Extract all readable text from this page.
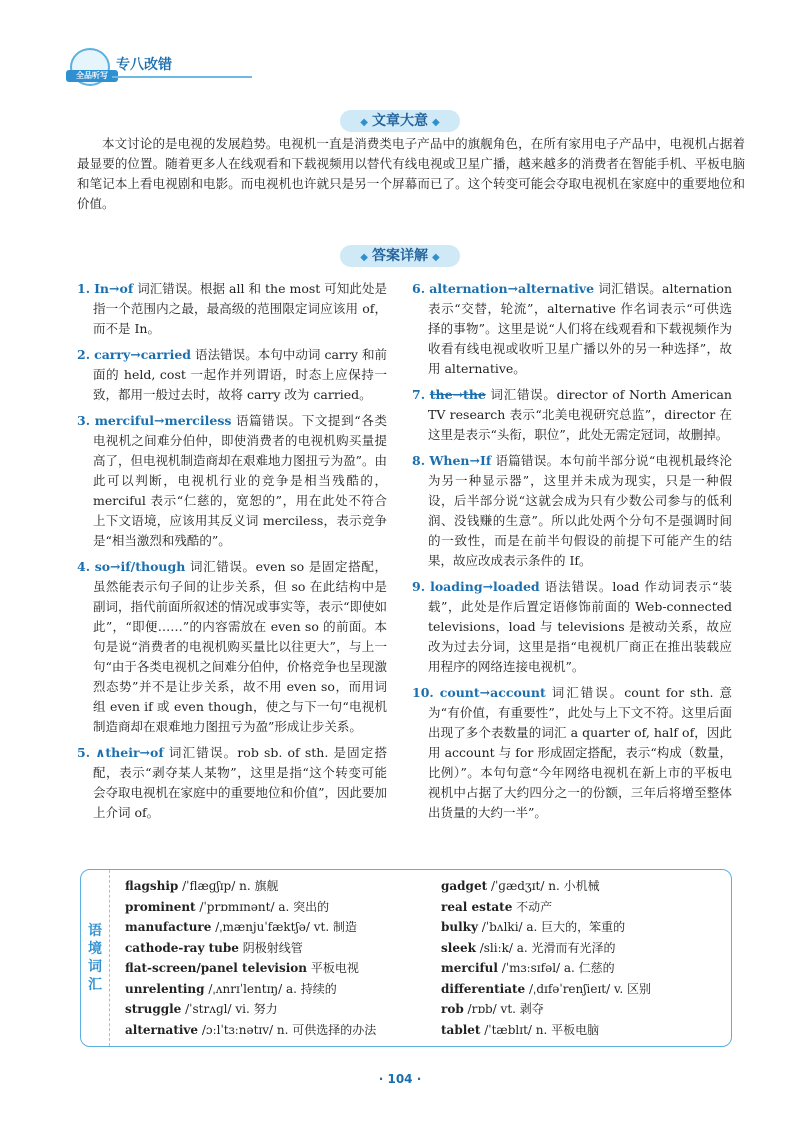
全品听写
专八改错
◆ 文章大意 ◆
本文讨论的是电视的发展趋势。电视机一直是消费类电子产品中的旗舰角色，在所有家用电子产品中，电视机占据着最显要的位置。随着更多人在线观看和下载视频用以替代有线电视或卫星广播，越来越多的消费者在智能手机、平板电脑和笔记本上看电视剧和电影。而电视机也许就只是另一个屏幕而已了。这个转变可能会夺取电视机在家庭中的重要地位和价值。
◆ 答案详解 ◆

1. In→of 词汇错误。根据 all 和 the most 可知此处是指一个范围内之最，最高级的范围限定词应该用 of，而不是 In。

2. carry→carried 语法错误。本句中动词 carry 和前面的 held, cost 一起作并列谓语，时态上应保持一致，都用一般过去时，故将 carry 改为 carried。

3. merciful→merciless 语篇错误。下文提到“各类电视机之间难分伯仲，即使消费者的电视机购买量提高了，但电视机制造商却在艰难地力图扭亏为盈”。由此可以判断，电视机行业的竞争是相当残酷的，merciful 表示“仁慈的，宽恕的”，用在此处不符合上下文语境，应该用其反义词 merciless，表示竞争是“相当激烈和残酷的”。

4. so→if/though 词汇错误。even so 是固定搭配，虽然能表示句子间的让步关系，但 so 在此结构中是副词，指代前面所叙述的情况或事实等，表示“即使如此”，“即便……”的内容需放在 even so 的前面。本句是说“消费者的电视机购买量比以往更大”，与上一句“由于各类电视机之间难分伯仲，价格竞争也呈现激烈态势”并不是让步关系，故不用 even so，而用词组 even if 或 even though，使之与下一句“电视机制造商却在艰难地力图扭亏为盈”形成让步关系。

5. ∧their→of 词汇错误。rob sb. of sth. 是固定搭配，表示“剥夺某人某物”，这里是指“这个转变可能会夺取电视机在家庭中的重要地位和价值”，因此要加上介词 of。

6. alternation→alternative 词汇错误。alternation 表示“交替，轮流”，alternative 作名词表示“可供选择的事物”。这里是说“人们将在线观看和下载视频作为收看有线电视或收听卫星广播以外的另一种选择”，故用 alternative。

7. the→the 词汇错误。director of North American TV research 表示“北美电视研究总监”，director 在这里是表示“头衔，职位”，此处无需定冠词，故删掉。

8. When→If 语篇错误。本句前半部分说“电视机最终沦为另一种显示器”，这里并未成为现实，只是一种假设，后半部分说“这就会成为只有少数公司参与的低利润、没钱赚的生意”。所以此处两个分句不是强调时间的一致性，而是在前半句假设的前提下可能产生的结果，故应改成表示条件的 If。

9. loading→loaded 语法错误。load 作动词表示“装载”，此处是作后置定语修饰前面的 Web-connected televisions，load 与 televisions 是被动关系，故应改为过去分词，这里是指“电视机厂商正在推出装载应用程序的网络连接电视机”。

10. count→account 词汇错误。count for sth. 意为“有价值，有重要性”，此处与上下文不符。这里后面出现了多个表数量的词汇 a quarter of, half of，因此用 account 与 for 形成固定搭配，表示“构成（数量，比例）”。本句句意“今年网络电视机在新上市的平板电视机中占据了大约四分之一的份额，三年后将增至整体出货量的大约一半”。

语
境
词
汇
flagship /ˈflæɡʃɪp/ n. 旗舰
prominent /ˈprɒmɪnənt/ a. 突出的
manufacture /ˌmænjuˈfæktʃə/ vt. 制造
cathode-ray tube 阴极射线管
flat-screen/panel television 平板电视
unrelenting /ˌʌnrɪˈlentɪŋ/ a. 持续的
struggle /ˈstrʌɡl/ vi. 努力
alternative /ɔːlˈtɜːnətɪv/ n. 可供选择的办法
gadget /ˈɡædʒɪt/ n. 小机械
real estate 不动产
bulky /ˈbʌlki/ a. 巨大的，笨重的
sleek /sliːk/ a. 光滑而有光泽的
merciful /ˈmɜːsɪfəl/ a. 仁慈的
differentiate /ˌdɪfəˈrenʃieɪt/ v. 区别
rob /rɒb/ vt. 剥夺
tablet /ˈtæblɪt/ n. 平板电脑
· 104 ·
